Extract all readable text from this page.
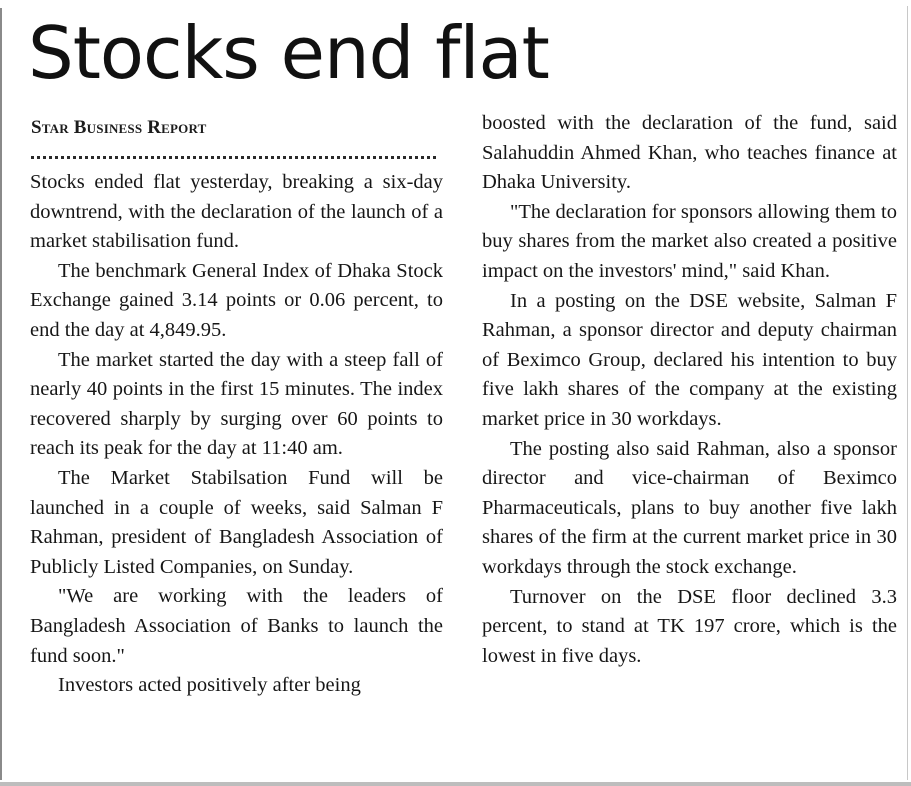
Stocks end flat
Star Business Report

Stocks ended flat yesterday, breaking a six-day downtrend, with the declaration of the launch of a market stabilisation fund.

The benchmark General Index of Dhaka Stock Exchange gained 3.14 points or 0.06 percent, to end the day at 4,849.95.

The market started the day with a steep fall of nearly 40 points in the first 15 minutes. The index recovered sharply by surging over 60 points to reach its peak for the day at 11:40 am.

The Market Stabilsation Fund will be launched in a couple of weeks, said Salman F Rahman, president of Bangladesh Association of Publicly Listed Companies, on Sunday.

"We are working with the leaders of Bangladesh Association of Banks to launch the fund soon."

Investors acted positively after being

boosted with the declaration of the fund, said Salahuddin Ahmed Khan, who teaches finance at Dhaka University.

"The declaration for sponsors allowing them to buy shares from the market also created a positive impact on the investors' mind," said Khan.

In a posting on the DSE website, Salman F Rahman, a sponsor director and deputy chairman of Beximco Group, declared his intention to buy five lakh shares of the company at the existing market price in 30 workdays.

The posting also said Rahman, also a sponsor director and vice-chairman of Beximco Pharmaceuticals, plans to buy another five lakh shares of the firm at the current market price in 30 workdays through the stock exchange.

Turnover on the DSE floor declined 3.3 percent, to stand at TK 197 crore, which is the lowest in five days.
